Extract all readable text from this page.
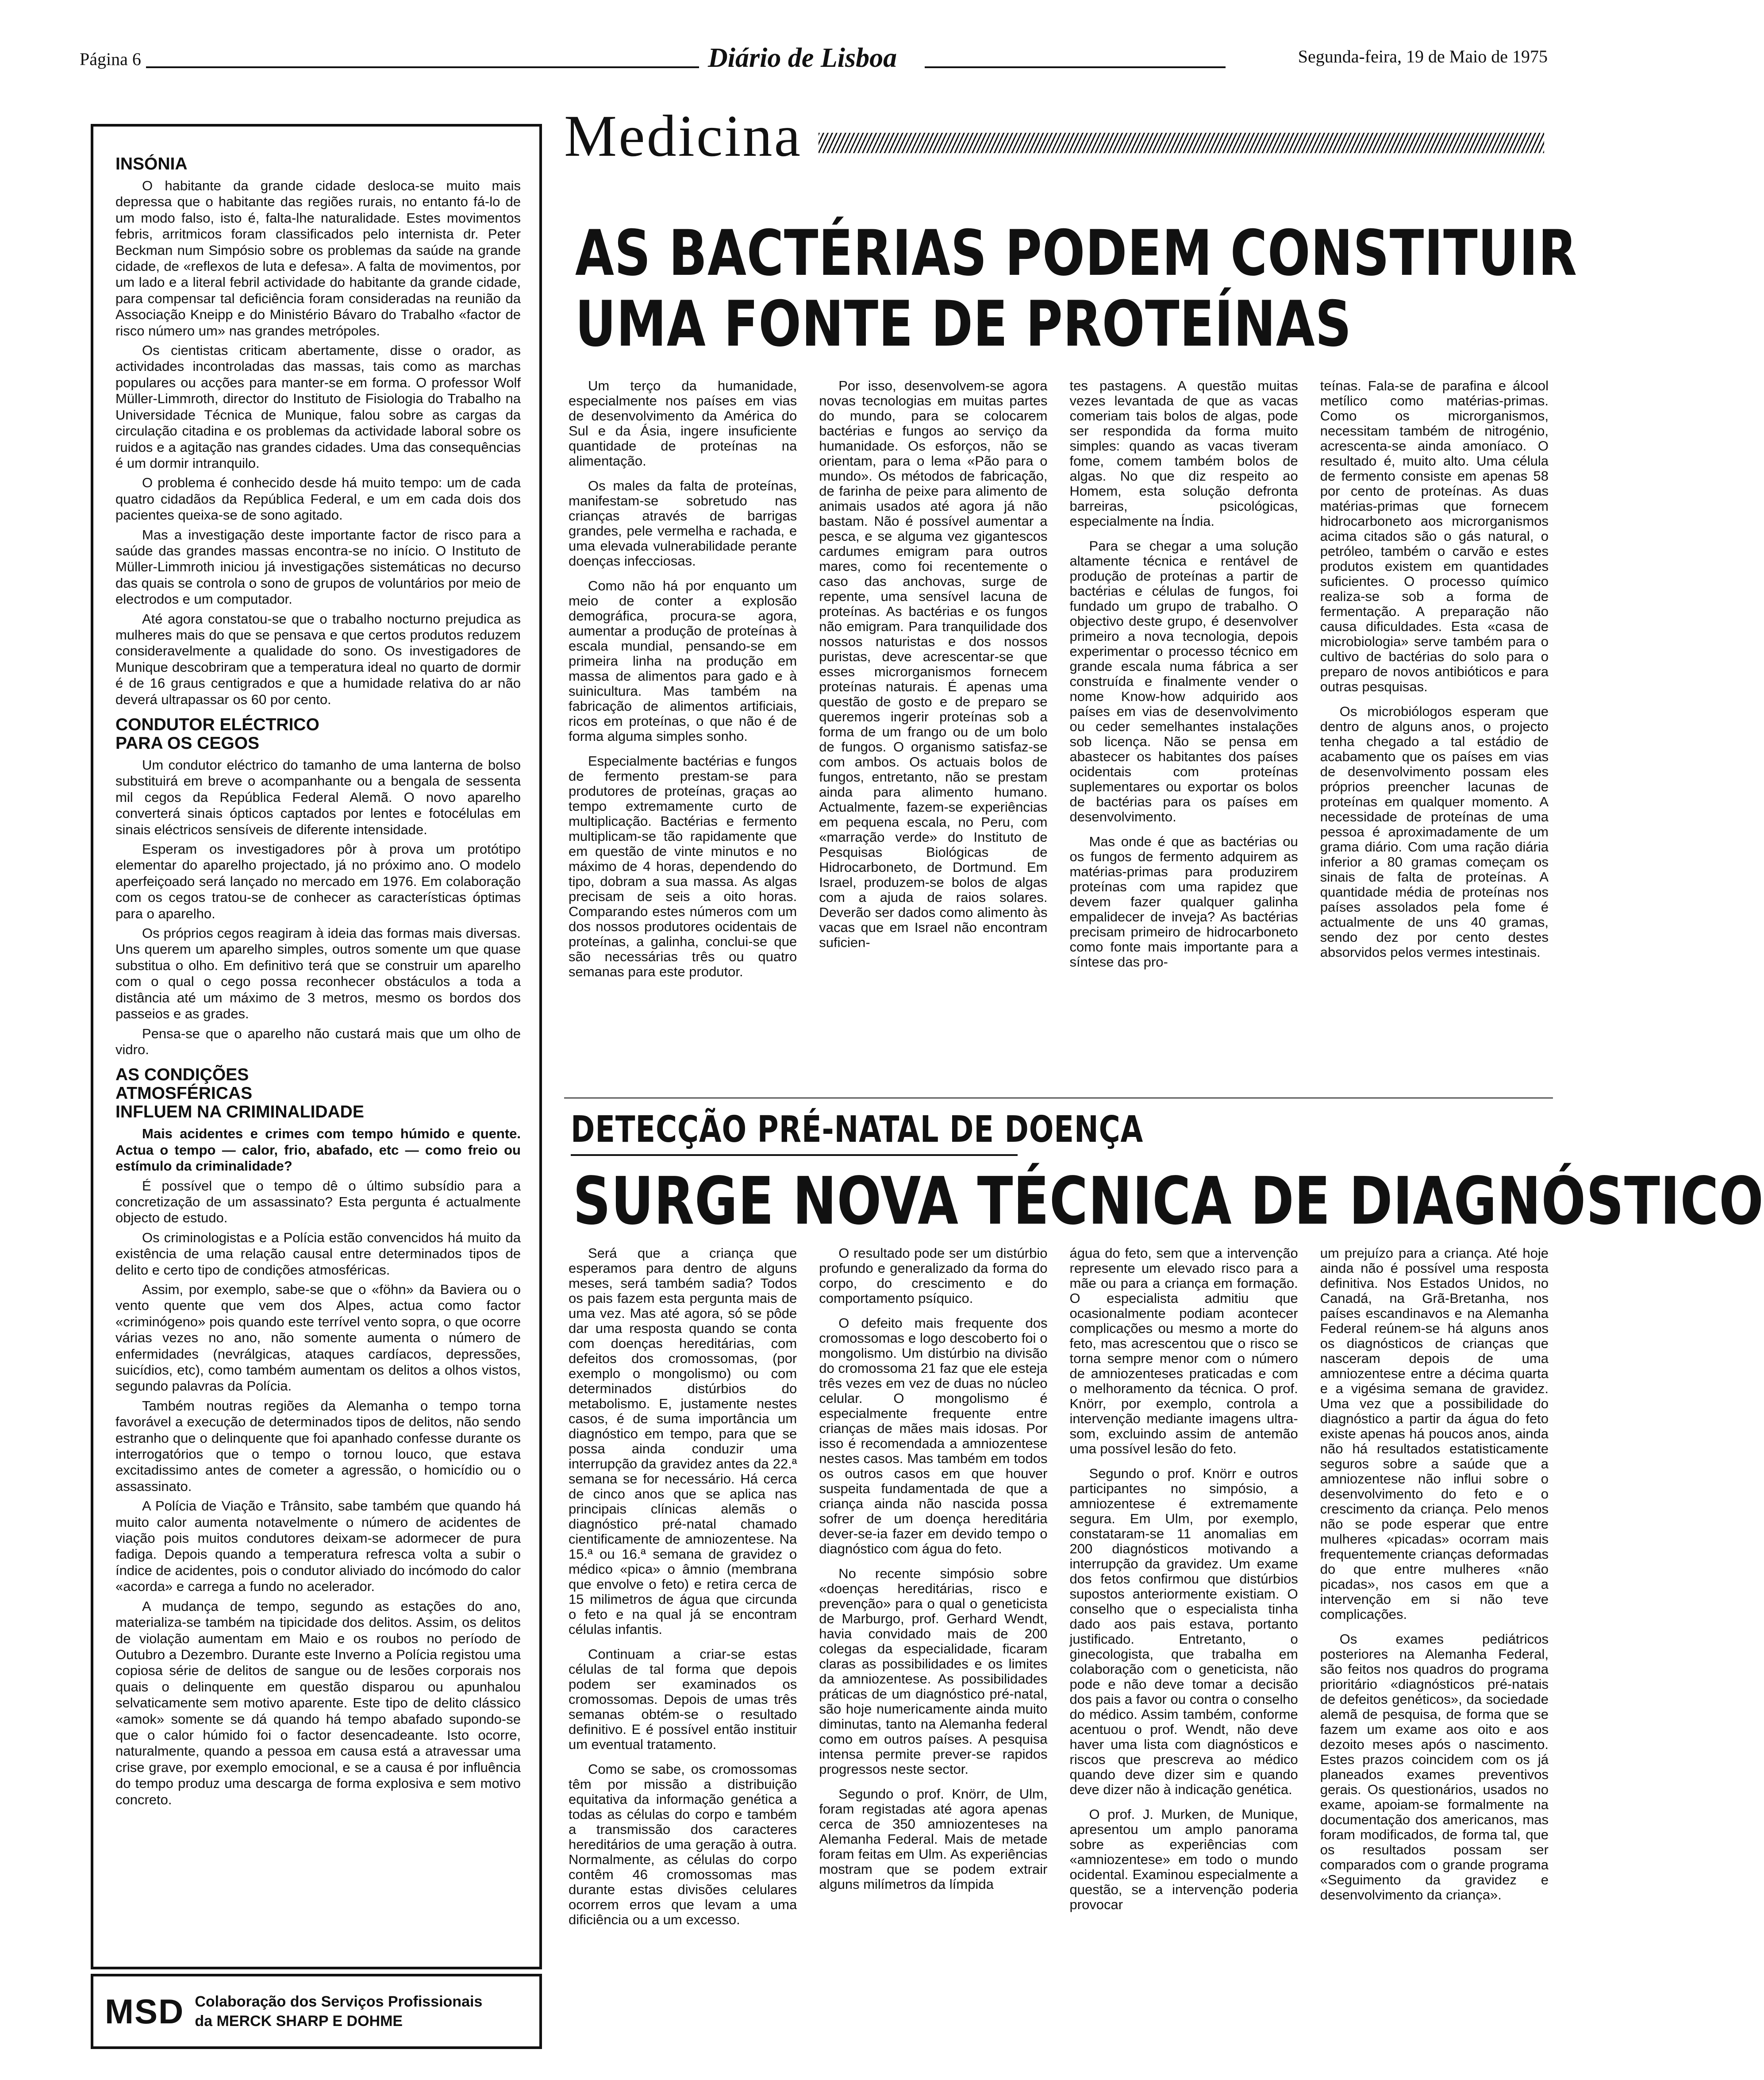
Página 6	Diário de Lisboa	Segunda-feira, 19 de Maio de 1975
INSÓNIA

O habitante da grande cidade desloca-se muito mais depressa que o habitante das regiões rurais, no entanto fá-lo de um modo falso, isto é, falta-lhe naturalidade. Estes movimentos febris, arritmicos foram classificados pelo internista dr. Peter Beckman num Simpósio sobre os problemas da saúde na grande cidade, de «reflexos de luta e defesa». A falta de movimentos, por um lado e a literal febril actividade do habitante da grande cidade, para compensar tal deficiência foram consideradas na reunião da Associação Kneipp e do Ministério Bávaro do Trabalho «factor de risco número um» nas grandes metrópoles.

Os cientistas criticam abertamente, disse o orador, as actividades incontroladas das massas, tais como as marchas populares ou acções para manter-se em forma. O professor Wolf Müller-Limmroth, director do Instituto de Fisiologia do Trabalho na Universidade Técnica de Munique, falou sobre as cargas da circulação citadina e os problemas da actividade laboral sobre os ruidos e a agitação nas grandes cidades. Uma das consequências é um dormir intranquilo.

O problema é conhecido desde há muito tempo: um de cada quatro cidadãos da República Federal, e um em cada dois dos pacientes queixa-se de sono agitado.

Mas a investigação deste importante factor de risco para a saúde das grandes massas encontra-se no início. O Instituto de Müller-Limmroth iniciou já investigações sistemáticas no decurso das quais se controla o sono de grupos de voluntários por meio de electrodos e um computador.

Até agora constatou-se que o trabalho nocturno prejudica as mulheres mais do que se pensava e que certos produtos reduzem consideravelmente a qualidade do sono. Os investigadores de Munique descobriram que a temperatura ideal no quarto de dormir é de 16 graus centigrados e que a humidade relativa do ar não deverá ultrapassar os 60 por cento.

CONDUTOR ELÉCTRICO
PARA OS CEGOS

Um condutor eléctrico do tamanho de uma lanterna de bolso substituirá em breve o acompanhante ou a bengala de sessenta mil cegos da República Federal Alemã. O novo aparelho converterá sinais ópticos captados por lentes e fotocélulas em sinais eléctricos sensíveis de diferente intensidade.

Esperam os investigadores pôr à prova um protótipo elementar do aparelho projectado, já no próximo ano. O modelo aperfeiçoado será lançado no mercado em 1976. Em colaboração com os cegos tratou-se de conhecer as características óptimas para o aparelho.

Os próprios cegos reagiram à ideia das formas mais diversas. Uns querem um aparelho simples, outros somente um que quase substitua o olho. Em definitivo terá que se construir um aparelho com o qual o cego possa reconhecer obstáculos a toda a distância até um máximo de 3 metros, mesmo os bordos dos passeios e as grades.

Pensa-se que o aparelho não custará mais que um olho de vidro.

AS CONDIÇÕES
ATMOSFÉRICAS
INFLUEM NA CRIMINALIDADE

Mais acidentes e crimes com tempo húmido e quente. Actua o tempo — calor, frio, abafado, etc — como freio ou estímulo da criminalidade?

É possível que o tempo dê o último subsídio para a concretização de um assassinato? Esta pergunta é actualmente objecto de estudo.

Os criminologistas e a Polícia estão convencidos há muito da existência de uma relação causal entre determinados tipos de delito e certo tipo de condições atmosféricas.

Assim, por exemplo, sabe-se que o «föhn» da Baviera ou o vento quente que vem dos Alpes, actua como factor «criminógeno» pois quando este terrível vento sopra, o que ocorre várias vezes no ano, não somente aumenta o número de enfermidades (nevrálgicas, ataques cardíacos, depressões, suicídios, etc), como também aumentam os delitos a olhos vistos, segundo palavras da Polícia.

Também noutras regiões da Alemanha o tempo torna favorável a execução de determinados tipos de delitos, não sendo estranho que o delinquente que foi apanhado confesse durante os interrogatórios que o tempo o tornou louco, que estava excitadissimo antes de cometer a agressão, o homicídio ou o assassinato.

A Polícia de Viação e Trânsito, sabe também que quando há muito calor aumenta notavelmente o número de acidentes de viação pois muitos condutores deixam-se adormecer de pura fadiga. Depois quando a temperatura refresca volta a subir o índice de acidentes, pois o condutor aliviado do incómodo do calor «acorda» e carrega a fundo no acelerador.

A mudança de tempo, segundo as estações do ano, materializa-se também na tipicidade dos delitos. Assim, os delitos de violação aumentam em Maio e os roubos no período de Outubro a Dezembro. Durante este Inverno a Polícia registou uma copiosa série de delitos de sangue ou de lesões corporais nos quais o delinquente em questão disparou ou apunhalou selvaticamente sem motivo aparente. Este tipo de delito clássico «amok» somente se dá quando há tempo abafado supondo-se que o calor húmido foi o factor desencadeante. Isto ocorre, naturalmente, quando a pessoa em causa está a atravessar uma crise grave, por exemplo emocional, e se a causa é por influência do tempo produz uma descarga de forma explosiva e sem motivo concreto.

MSD Colaboração dos Serviços Profissionais
da MERCK SHARP E DOHME
Medicina
AS BACTÉRIAS PODEM CONSTITUIR
UMA FONTE DE PROTEÍNAS

Um terço da humanidade, especialmente nos países em vias de desenvolvimento da América do Sul e da Ásia, ingere insuficiente quantidade de proteínas na alimentação.

Os males da falta de proteínas, manifestam-se sobretudo nas crianças através de barrigas grandes, pele vermelha e rachada, e uma elevada vulnerabilidade perante doenças infecciosas.

Como não há por enquanto um meio de conter a explosão demográfica, procura-se agora, aumentar a produção de proteínas à escala mundial, pensando-se em primeira linha na produção em massa de alimentos para gado e à suinicultura. Mas também na fabricação de alimentos artificiais, ricos em proteínas, o que não é de forma alguma simples sonho.

Especialmente bactérias e fungos de fermento prestam-se para produtores de proteínas, graças ao tempo extremamente curto de multiplicação. Bactérias e fermento multiplicam-se tão rapidamente que em questão de vinte minutos e no máximo de 4 horas, dependendo do tipo, dobram a sua massa. As algas precisam de seis a oito horas. Comparando estes números com um dos nossos produtores ocidentais de proteínas, a galinha, conclui-se que são necessárias três ou quatro semanas para este produtor.

Por isso, desenvolvem-se agora novas tecnologias em muitas partes do mundo, para se colocarem bactérias e fungos ao serviço da humanidade. Os esforços, não se orientam, para o lema «Pão para o mundo». Os métodos de fabricação, de farinha de peixe para alimento de animais usados até agora já não bastam. Não é possível aumentar a pesca, e se alguma vez gigantescos cardumes emigram para outros mares, como foi recentemente o caso das anchovas, surge de repente, uma sensível lacuna de proteínas. As bactérias e os fungos não emigram. Para tranquilidade dos nossos naturistas e dos nossos puristas, deve acrescentar-se que esses microrganismos fornecem proteínas naturais. É apenas uma questão de gosto e de preparo se queremos ingerir proteínas sob a forma de um frango ou de um bolo de fungos. O organismo satisfaz-se com ambos. Os actuais bolos de fungos, entretanto, não se prestam ainda para alimento humano. Actualmente, fazem-se experiências em pequena escala, no Peru, com «marração verde» do Instituto de Pesquisas Biológicas de Hidrocarboneto, de Dortmund. Em Israel, produzem-se bolos de algas com a ajuda de raios solares. Deverão ser dados como alimento às vacas que em Israel não encontram suficien-

tes pastagens. A questão muitas vezes levantada de que as vacas comeriam tais bolos de algas, pode ser respondida da forma muito simples: quando as vacas tiveram fome, comem também bolos de algas. No que diz respeito ao Homem, esta solução defronta barreiras, psicológicas, especialmente na Índia.

Para se chegar a uma solução altamente técnica e rentável de produção de proteínas a partir de bactérias e células de fungos, foi fundado um grupo de trabalho. O objectivo deste grupo, é desenvolver primeiro a nova tecnologia, depois experimentar o processo técnico em grande escala numa fábrica a ser construída e finalmente vender o nome Know-how adquirido aos países em vias de desenvolvimento ou ceder semelhantes instalações sob licença. Não se pensa em abastecer os habitantes dos países ocidentais com proteínas suplementares ou exportar os bolos de bactérias para os países em desenvolvimento.

Mas onde é que as bactérias ou os fungos de fermento adquirem as matérias-primas para produzirem proteínas com uma rapidez que devem fazer qualquer galinha empalidecer de inveja? As bactérias precisam primeiro de hidrocarboneto como fonte mais importante para a síntese das pro-

teínas. Fala-se de parafina e álcool metílico como matérias-primas. Como os microrganismos, necessitam também de nitrogénio, acrescenta-se ainda amoníaco. O resultado é, muito alto. Uma célula de fermento consiste em apenas 58 por cento de proteínas. As duas matérias-primas que fornecem hidrocarboneto aos microrganismos acima citados são o gás natural, o petróleo, também o carvão e estes produtos existem em quantidades suficientes. O processo químico realiza-se sob a forma de fermentação. A preparação não causa dificuldades. Esta «casa de microbiologia» serve também para o cultivo de bactérias do solo para o preparo de novos antibióticos e para outras pesquisas.

Os microbiólogos esperam que dentro de alguns anos, o projecto tenha chegado a tal estádio de acabamento que os países em vias de desenvolvimento possam eles próprios preencher lacunas de proteínas em qualquer momento. A necessidade de proteínas de uma pessoa é aproximadamente de um grama diário. Com uma ração diária inferior a 80 gramas começam os sinais de falta de proteínas. A quantidade média de proteínas nos países assolados pela fome é actualmente de uns 40 gramas, sendo dez por cento destes absorvidos pelos vermes intestinais.

DETECÇÃO PRÉ-NATAL DE DOENÇA
SURGE NOVA TÉCNICA DE DIAGNÓSTICO

Será que a criança que esperamos para dentro de alguns meses, será também sadia? Todos os pais fazem esta pergunta mais de uma vez. Mas até agora, só se pôde dar uma resposta quando se conta com doenças hereditárias, com defeitos dos cromossomas, (por exemplo o mongolismo) ou com determinados distúrbios do metabolismo. E, justamente nestes casos, é de suma importância um diagnóstico em tempo, para que se possa ainda conduzir uma interrupção da gravidez antes da 22.ª semana se for necessário. Há cerca de cinco anos que se aplica nas principais clínicas alemãs o diagnóstico pré-natal chamado cientificamente de amniozentese. Na 15.ª ou 16.ª semana de gravidez o médico «pica» o âmnio (membrana que envolve o feto) e retira cerca de 15 milimetros de água que circunda o feto e na qual já se encontram células infantis.

Continuam a criar-se estas células de tal forma que depois podem ser examinados os cromossomas. Depois de umas três semanas obtém-se o resultado definitivo. E é possível então instituir um eventual tratamento.

Como se sabe, os cromossomas têm por missão a distribuição equitativa da informação genética a todas as células do corpo e também a transmissão dos caracteres hereditários de uma geração à outra. Normalmente, as células do corpo contêm 46 cromossomas mas durante estas divisões celulares ocorrem erros que levam a uma dificiência ou a um excesso.

O resultado pode ser um distúrbio profundo e generalizado da forma do corpo, do crescimento e do comportamento psíquico.

O defeito mais frequente dos cromossomas e logo descoberto foi o mongolismo. Um distúrbio na divisão do cromossoma 21 faz que ele esteja três vezes em vez de duas no núcleo celular. O mongolismo é especialmente frequente entre crianças de mães mais idosas. Por isso é recomendada a amniozentese nestes casos. Mas também em todos os outros casos em que houver suspeita fundamentada de que a criança ainda não nascida possa sofrer de um doença hereditária dever-se-ia fazer em devido tempo o diagnóstico com água do feto.

No recente simpósio sobre «doenças hereditárias, risco e prevenção» para o qual o geneticista de Marburgo, prof. Gerhard Wendt, havia convidado mais de 200 colegas da especialidade, ficaram claras as possibilidades e os limites da amniozentese. As possibilidades práticas de um diagnóstico pré-natal, são hoje numericamente ainda muito diminutas, tanto na Alemanha federal como em outros países. A pesquisa intensa permite prever-se rapidos progressos neste sector.

Segundo o prof. Knörr, de Ulm, foram registadas até agora apenas cerca de 350 amniozenteses na Alemanha Federal. Mais de metade foram feitas em Ulm. As experiências mostram que se podem extrair alguns milímetros da límpida

água do feto, sem que a intervenção represente um elevado risco para a mãe ou para a criança em formação. O especialista admitiu que ocasionalmente podiam acontecer complicações ou mesmo a morte do feto, mas acrescentou que o risco se torna sempre menor com o número de amniozenteses praticadas e com o melhoramento da técnica. O prof. Knörr, por exemplo, controla a intervenção mediante imagens ultra-som, excluindo assim de antemão uma possível lesão do feto.

Segundo o prof. Knörr e outros participantes no simpósio, a amniozentese é extremamente segura. Em Ulm, por exemplo, constataram-se 11 anomalias em 200 diagnósticos motivando a interrupção da gravidez. Um exame dos fetos confirmou que distúrbios supostos anteriormente existiam. O conselho que o especialista tinha dado aos pais estava, portanto justificado. Entretanto, o ginecologista, que trabalha em colaboração com o geneticista, não pode e não deve tomar a decisão dos pais a favor ou contra o conselho do médico. Assim também, conforme acentuou o prof. Wendt, não deve haver uma lista com diagnósticos e riscos que prescreva ao médico quando deve dizer sim e quando deve dizer não à indicação genética.

O prof. J. Murken, de Munique, apresentou um amplo panorama sobre as experiências com «amniozentese» em todo o mundo ocidental. Examinou especialmente a questão, se a intervenção poderia provocar

um prejuízo para a criança. Até hoje ainda não é possível uma resposta definitiva. Nos Estados Unidos, no Canadá, na Grã-Bretanha, nos países escandinavos e na Alemanha Federal reúnem-se há alguns anos os diagnósticos de crianças que nasceram depois de uma amniozentese entre a décima quarta e a vigésima semana de gravidez. Uma vez que a possibilidade do diagnóstico a partir da água do feto existe apenas há poucos anos, ainda não há resultados estatisticamente seguros sobre a saúde que a amniozentese não influi sobre o desenvolvimento do feto e o crescimento da criança. Pelo menos não se pode esperar que entre mulheres «picadas» ocorram mais frequentemente crianças deformadas do que entre mulheres «não picadas», nos casos em que a intervenção em si não teve complicações.

Os exames pediátricos posteriores na Alemanha Federal, são feitos nos quadros do programa prioritário «diagnósticos pré-natais de defeitos genéticos», da sociedade alemã de pesquisa, de forma que se fazem um exame aos oito e aos dezoito meses após o nascimento. Estes prazos coincidem com os já planeados exames preventivos gerais. Os questionários, usados no exame, apoiam-se formalmente na documentação dos americanos, mas foram modificados, de forma tal, que os resultados possam ser comparados com o grande programa «Seguimento da gravidez e desenvolvimento da criança».
